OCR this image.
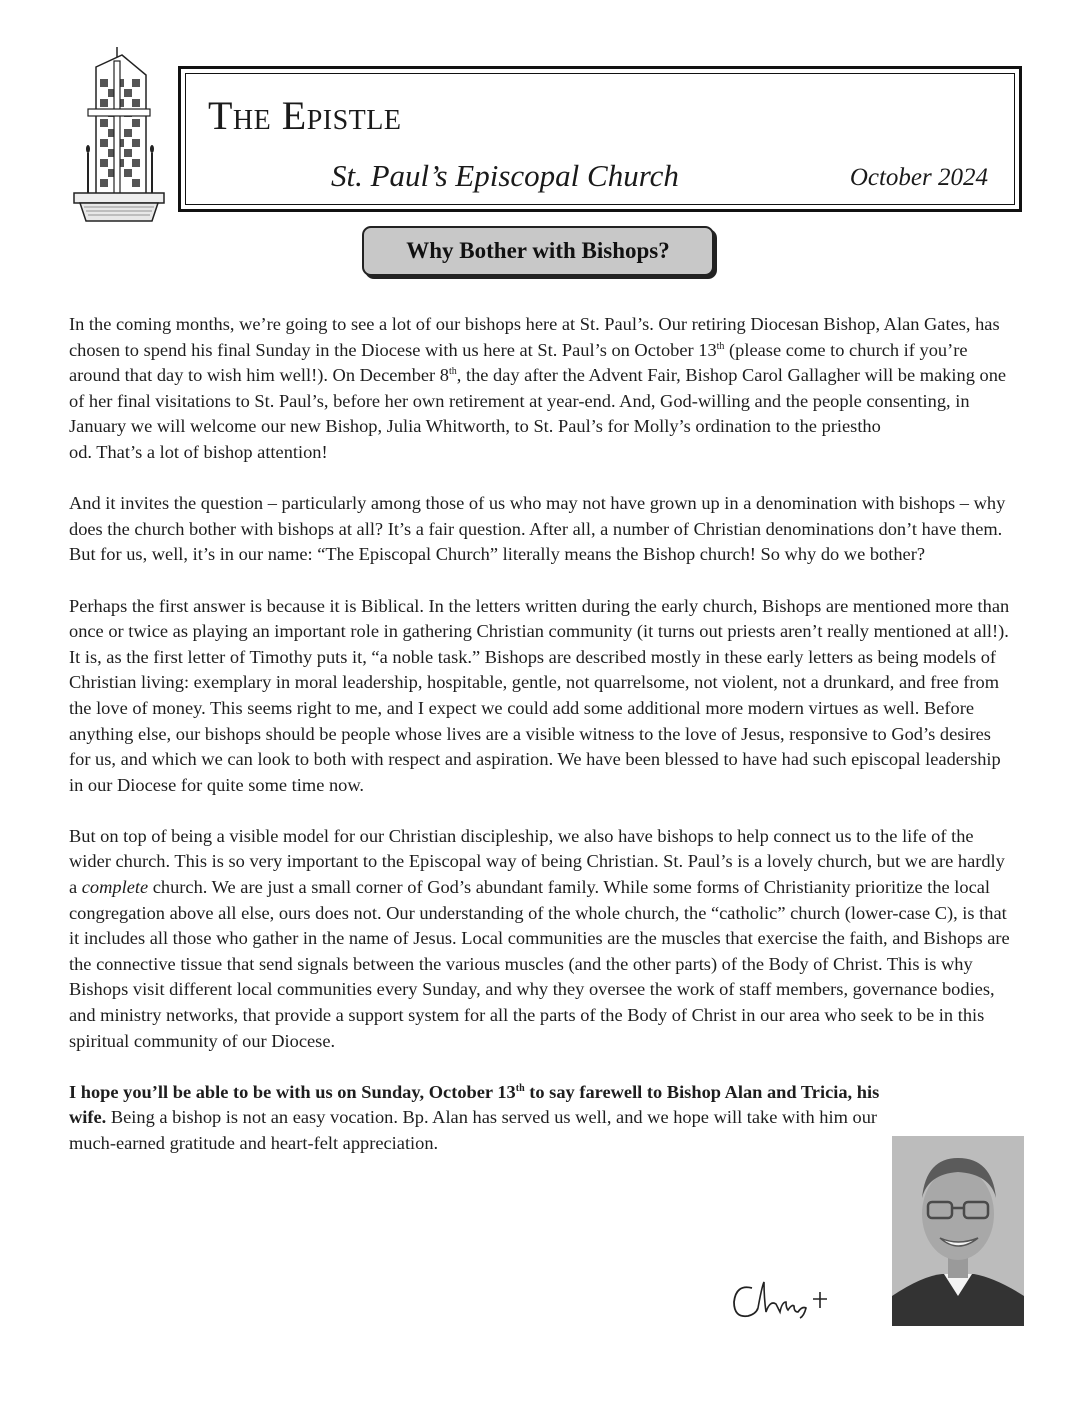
The Epistle
St. Paul’s Episcopal Church	October 2024
Why Bother with Bishops?

In the coming months, we’re going to see a lot of our bishops here at St. Paul’s. Our retiring Diocesan Bishop, Alan Gates, has chosen to spend his final Sunday in the Diocese with us here at St. Paul’s on October 13th (please come to church if you’re around that day to wish him well!). On December 8th, the day after the Advent Fair, Bishop Carol Gallagher will be making one of her final visitations to St. Paul’s, before her own retirement at year-end. And, God-willing and the people consenting, in January we will welcome our new Bishop, Julia Whitworth, to St. Paul’s for Molly’s ordination to the priestho
od. That’s a lot of bishop attention!

And it invites the question – particularly among those of us who may not have grown up in a denomination with bishops – why does the church bother with bishops at all? It’s a fair question. After all, a number of Christian denominations don’t have them. But for us, well, it’s in our name: “The Episcopal Church” literally means the Bishop church! So why do we bother?

Perhaps the first answer is because it is Biblical. In the letters written during the early church, Bishops are mentioned more than once or twice as playing an important role in gathering Christian community (it turns out priests aren’t really mentioned at all!). It is, as the first letter of Timothy puts it, “a noble task.” Bishops are described mostly in these early letters as being models of Christian living: exemplary in moral leadership, hospitable, gentle, not quarrelsome, not violent, not a drunkard, and free from the love of money. This seems right to me, and I expect we could add some additional more modern virtues as well. Before anything else, our bishops should be people whose lives are a visible witness to the love of Jesus, responsive to God’s desires for us, and which we can look to both with respect and aspiration. We have been blessed to have had such episcopal leadership in our Diocese for quite some time now.

But on top of being a visible model for our Christian discipleship, we also have bishops to help connect us to the life of the wider church. This is so very important to the Episcopal way of being Christian. St. Paul’s is a lovely church, but we are hardly a complete church. We are just a small corner of God’s abundant family. While some forms of Christianity prioritize the local congregation above all else, ours does not. Our understanding of the whole church, the “catholic” church (lower-case C), is that it includes all those who gather in the name of Jesus. Local communities are the muscles that exercise the faith, and Bishops are the connective tissue that send signals between the various muscles (and the other parts) of the Body of Christ. This is why Bishops visit different local communities every Sunday, and why they oversee the work of staff members, governance bodies, and ministry networks, that provide a support system for all the parts of the Body of Christ in our area who seek to be in this spiritual community of our Diocese.

I hope you’ll be able to be with us on Sunday, October 13th to say farewell to Bishop Alan and Tricia, his wife. Being a bishop is not an easy vocation. Bp. Alan has served us well, and we hope will take with him our much-earned gratitude and heart-felt appreciation.
